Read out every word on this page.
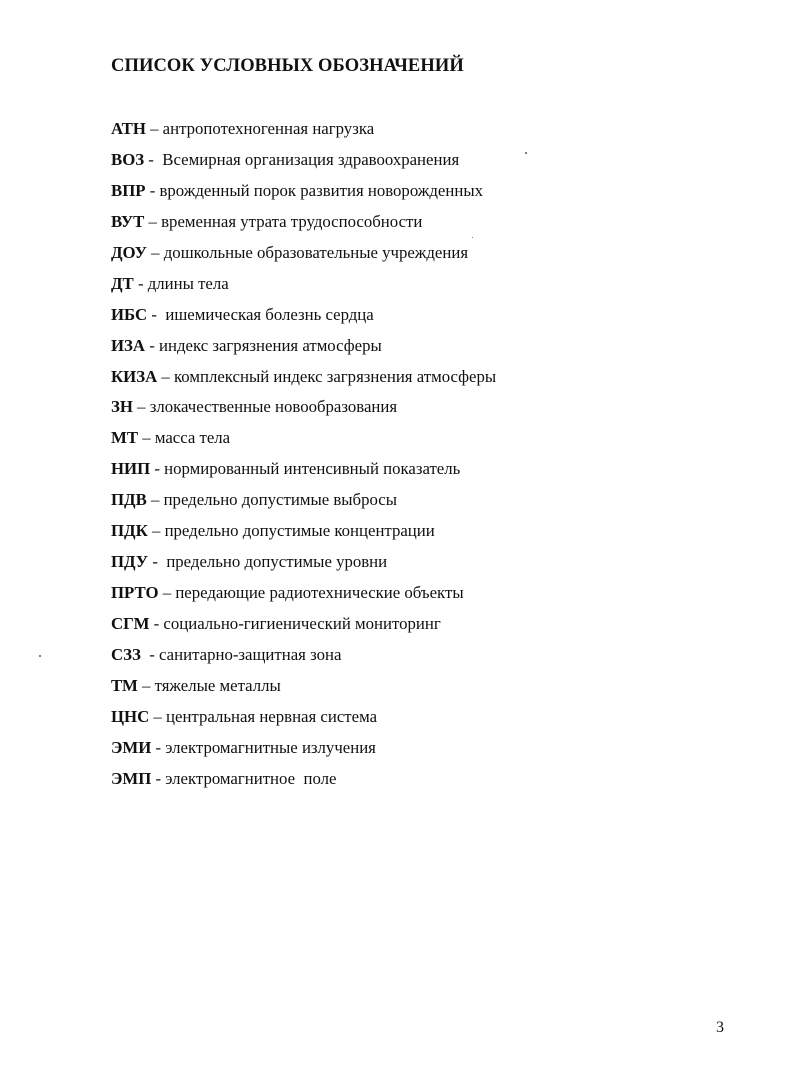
СПИСОК УСЛОВНЫХ ОБОЗНАЧЕНИЙ
АТН – антропотехногенная нагрузка
ВОЗ -  Всемирная организация здравоохранения
ВПР - врожденный порок развития новорожденных
ВУТ – временная утрата трудоспособности
ДОУ – дошкольные образовательные учреждения
ДТ - длины тела
ИБС -  ишемическая болезнь сердца
ИЗА - индекс загрязнения атмосферы
КИЗА – комплексный индекс загрязнения атмосферы
ЗН – злокачественные новообразования
МТ – масса тела
НИП - нормированный интенсивный показатель
ПДВ – предельно допустимые выбросы
ПДК – предельно допустимые концентрации
ПДУ -  предельно допустимые уровни
ПРТО – передающие радиотехнические объекты
СГМ - социально-гигиенический мониторинг
СЗЗ  - санитарно-защитная зона
ТМ – тяжелые металлы
ЦНС – центральная нервная система
ЭМИ - электромагнитные излучения
ЭМП - электромагнитное  поле
3
